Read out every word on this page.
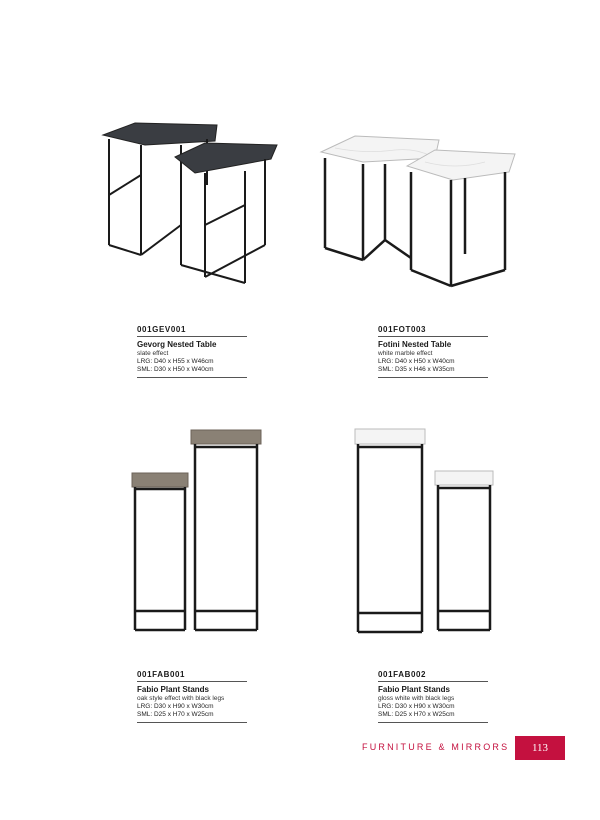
001GEV001
Gevorg Nested Table
slate effect
LRG: D40 x H55 x W46cm
SML: D30 x H50 x W40cm
001FOT003
Fotini Nested Table
white marble effect
LRG: D40 x H50 x W40cm
SML: D35 x H46 x W35cm
001FAB001
Fabio Plant Stands
oak style effect with black legs
LRG: D30 x H90 x W30cm
SML: D25 x H70 x W25cm
001FAB002
Fabio Plant Stands
gloss white with black legs
LRG: D30 x H90 x W30cm
SML: D25 x H70 x W25cm
FURNITURE & MIRRORS	113
